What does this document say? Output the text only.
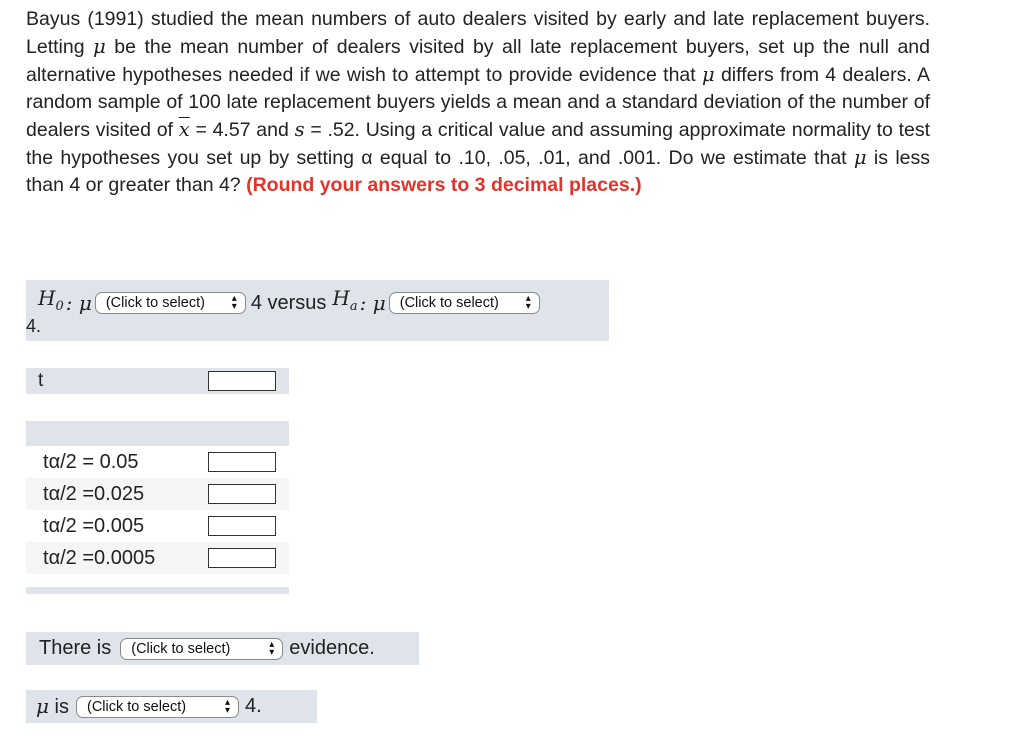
Bayus (1991) studied the mean numbers of auto dealers visited by early and late replacement buyers. Letting μ be the mean number of dealers visited by all late replacement buyers, set up the null and alternative hypotheses needed if we wish to attempt to provide evidence that μ differs from 4 dealers. A random sample of 100 late replacement buyers yields a mean and a standard deviation of the number of dealers visited of $\overline{x} = 4.57$ and s = .52. Using a critical value and assuming approximate normality to test the hypotheses you set up by setting α equal to .10, .05, .01, and .001. Do we estimate that μ is less than 4 or greater than 4? (Round your answers to 3 decimal places.)

$H_0$ : μ (Click to select)	▴
▾ 4 versus $H_a$ : μ (Click to select)	▴
▾
4.
t
tα/2 = 0.05
tα/2 =0.025
tα/2 =0.005
tα/2 =0.0005
There is (Click to select)	▴
▾ evidence.
μ is (Click to select)	▴
▾ 4.
